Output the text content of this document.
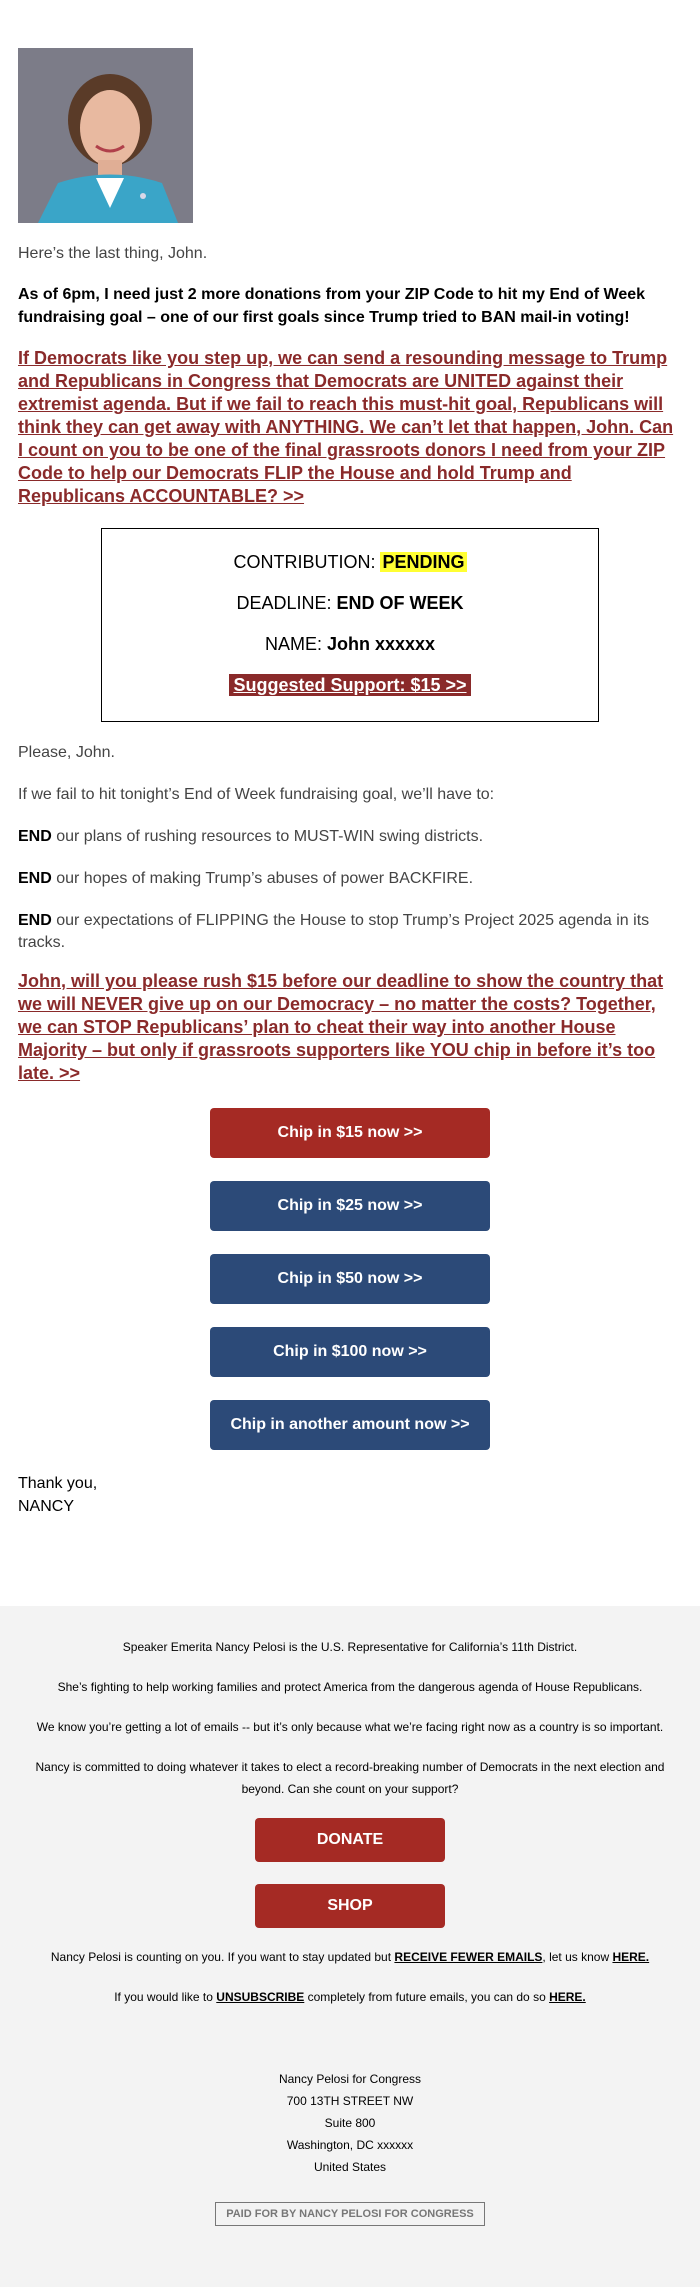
Here’s the last thing, John.

As of 6pm, I need just 2 more donations from your ZIP Code to hit my End of Week fundraising goal – one of our first goals since Trump tried to BAN mail-in voting!

If Democrats like you step up, we can send a resounding message to Trump and Republicans in Congress that Democrats are UNITED against their extremist agenda. But if we fail to reach this must-hit goal, Republicans will think they can get away with ANYTHING. We can’t let that happen, John. Can I count on you to be one of the final grassroots donors I need from your ZIP Code to help our Democrats FLIP the House and hold Trump and Republicans ACCOUNTABLE? >>
CONTRIBUTION: PENDING
DEADLINE: END OF WEEK
NAME: John xxxxxx
Suggested Support: $15 >>

Please, John.

If we fail to hit tonight’s End of Week fundraising goal, we’ll have to:

END our plans of rushing resources to MUST-WIN swing districts.

END our hopes of making Trump’s abuses of power BACKFIRE.

END our expectations of FLIPPING the House to stop Trump’s Project 2025 agenda in its tracks.

John, will you please rush $15 before our deadline to show the country that we will NEVER give up on our Democracy – no matter the costs? Together, we can STOP Republicans’ plan to cheat their way into another House Majority – but only if grassroots supporters like YOU chip in before it’s too late. >>
Chip in $15 now >>
Chip in $25 now >>
Chip in $50 now >>
Chip in $100 now >>
Chip in another amount now >>
Thank you,
NANCY

Speaker Emerita Nancy Pelosi is the U.S. Representative for California’s 11th District.

She’s fighting to help working families and protect America from the dangerous agenda of House Republicans.

We know you’re getting a lot of emails -- but it’s only because what we’re facing right now as a country is so important.

Nancy is committed to doing whatever it takes to elect a record-breaking number of Democrats in the next election and beyond. Can she count on your support?

DONATE
SHOP

Nancy Pelosi is counting on you. If you want to stay updated but RECEIVE FEWER EMAILS, let us know HERE.

If you would like to UNSUBSCRIBE completely from future emails, you can do so HERE.

Nancy Pelosi for Congress

700 13TH STREET NW

Suite 800

Washington, DC xxxxxx

United States

PAID FOR BY NANCY PELOSI FOR CONGRESS
